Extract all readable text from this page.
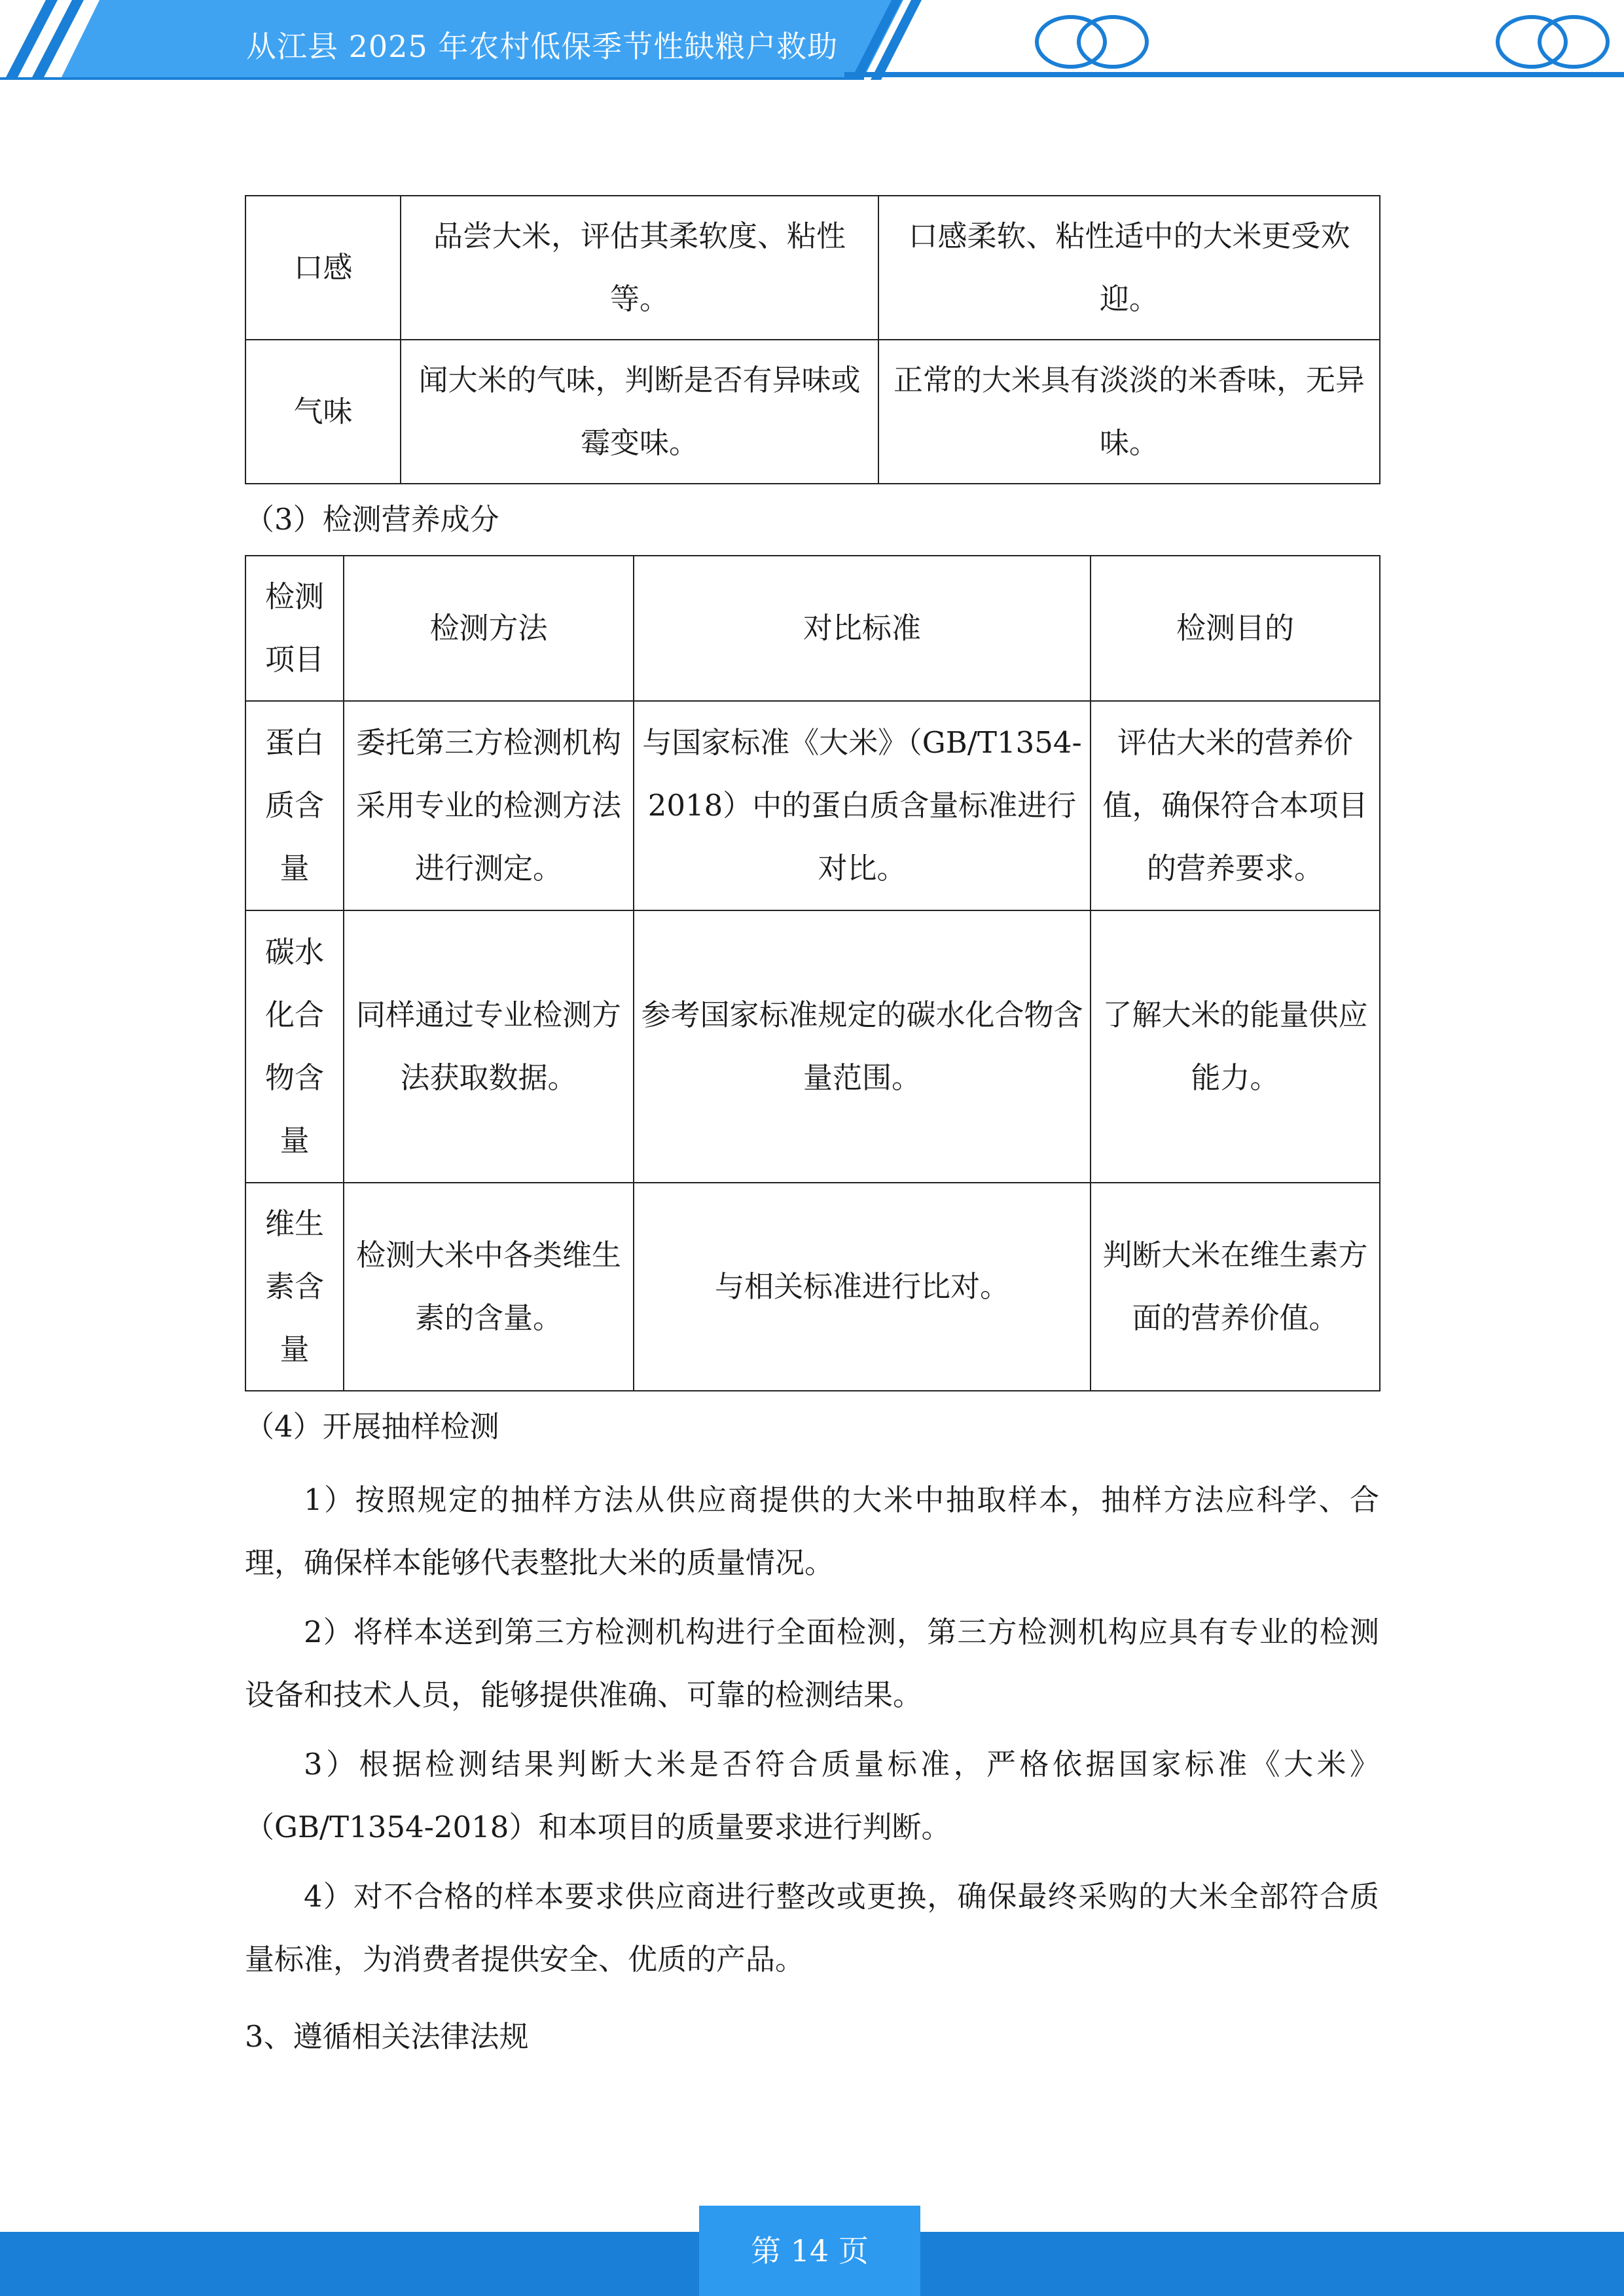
从江县 2025 年农村低保季节性缺粮户救助
口感	品尝大米，评估其柔软度、粘性等。	口感柔软、粘性适中的大米更受欢迎。
气味	闻大米的气味，判断是否有异味或霉变味。	正常的大米具有淡淡的米香味，无异味。
（3）检测营养成分
检测项目	检测方法	对比标准	检测目的
蛋白质含量	委托第三方检测机构采用专业的检测方法进行测定。	与国家标准《大米》（GB/T1354-2018）中的蛋白质含量标准进行对比。	评估大米的营养价值，确保符合本项目的营养要求。
碳水化合物含量	同样通过专业检测方法获取数据。	参考国家标准规定的碳水化合物含量范围。	了解大米的能量供应能力。
维生素含量	检测大米中各类维生素的含量。	与相关标准进行比对。	判断大米在维生素方面的营养价值。
（4）开展抽样检测

1）按照规定的抽样方法从供应商提供的大米中抽取样本，抽样方法应科学、合理，确保样本能够代表整批大米的质量情况。

2）将样本送到第三方检测机构进行全面检测，第三方检测机构应具有专业的检测设备和技术人员，能够提供准确、可靠的检测结果。

3）根据检测结果判断大米是否符合质量标准，严格依据国家标准《大米》（GB/T1354-2018）和本项目的质量要求进行判断。

4）对不合格的样本要求供应商进行整改或更换，确保最终采购的大米全部符合质量标准，为消费者提供安全、优质的产品。

3、遵循相关法律法规
第 14 页
